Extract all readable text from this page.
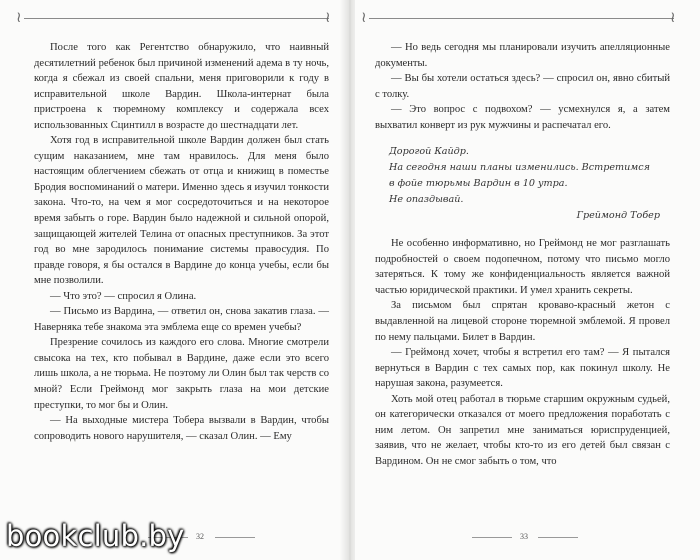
≀	≀

После того как Регентство обнаружило, что наивный десятилетний ребенок был причиной изменений адема в ту ночь, когда я сбежал из своей спальни, меня приговорили к году в исправительной школе Вардин. Школа-интернат была пристроена к тюремному комплексу и содержала всех использованных Сцинтилл в возрасте до шестнадцати лет.

Хотя год в исправительной школе Вардин должен был стать сущим наказанием, мне там нравилось. Для меня было настоящим облегчением сбежать от отца и книжищ в поместье Бродия воспоминаний о матери. Именно здесь я изучил тонкости закона. Что-то, на чем я мог сосредоточиться и на некоторое время забыть о горе. Вардин было надежной и сильной опорой, защищающей жителей Телина от опасных преступников. За этот год во мне зародилось понимание системы правосудия. По правде говоря, я бы остался в Вардине до конца учебы, если бы мне позволили.

— Что это? — спросил я Олина.

— Письмо из Вардина, — ответил он, снова закатив глаза. — Наверняка тебе знакома эта эмблема еще со времен учебы?

Презрение сочилось из каждого его слова. Многие смотрели свысока на тех, кто побывал в Вардине, даже если это всего лишь школа, а не тюрьма. Не поэтому ли Олин был так черств со мной? Если Греймонд мог закрыть глаза на мои детские преступки, то мог бы и Олин.

— На выходные мистера Тобера вызвали в Вардин, чтобы сопроводить нового нарушителя, — сказал Олин. — Ему

32
≀	≀

— Но ведь сегодня мы планировали изучить апелляционные документы.

— Вы бы хотели остаться здесь? — спросил он, явно сбитый с толку.

— Это вопрос с подвохом? — усмехнулся я, а затем выхватил конверт из рук мужчины и распечатал его.

Дорогой Кайдр.
На сегодня наши планы изменились. Встретимся
в фойе тюрьмы Вардин в 10 утра.
Не опаздывай.
Греймонд Тобер

Не особенно информативно, но Греймонд не мог разглашать подробностей о своем подопечном, потому что письмо могло затеряться. К тому же конфиденциальность является важной частью юридической практики. И умел хранить секреты.

За письмом был спрятан кроваво-красный жетон с выдавленной на лицевой стороне тюремной эмблемой. Я провел по нему пальцами. Билет в Вардин.

— Греймонд хочет, чтобы я встретил его там? — Я пытался вернуться в Вардин с тех самых пор, как покинул школу. Не нарушая закона, разумеется.

Хоть мой отец работал в тюрьме старшим окружным судьей, он категорически отказался от моего предложения поработать с ним летом. Он запретил мне заниматься юриспруденцией, заявив, что не желает, чтобы кто-то из его детей был связан с Вардином. Он не смог забыть о том, что

33
bookclub.by
